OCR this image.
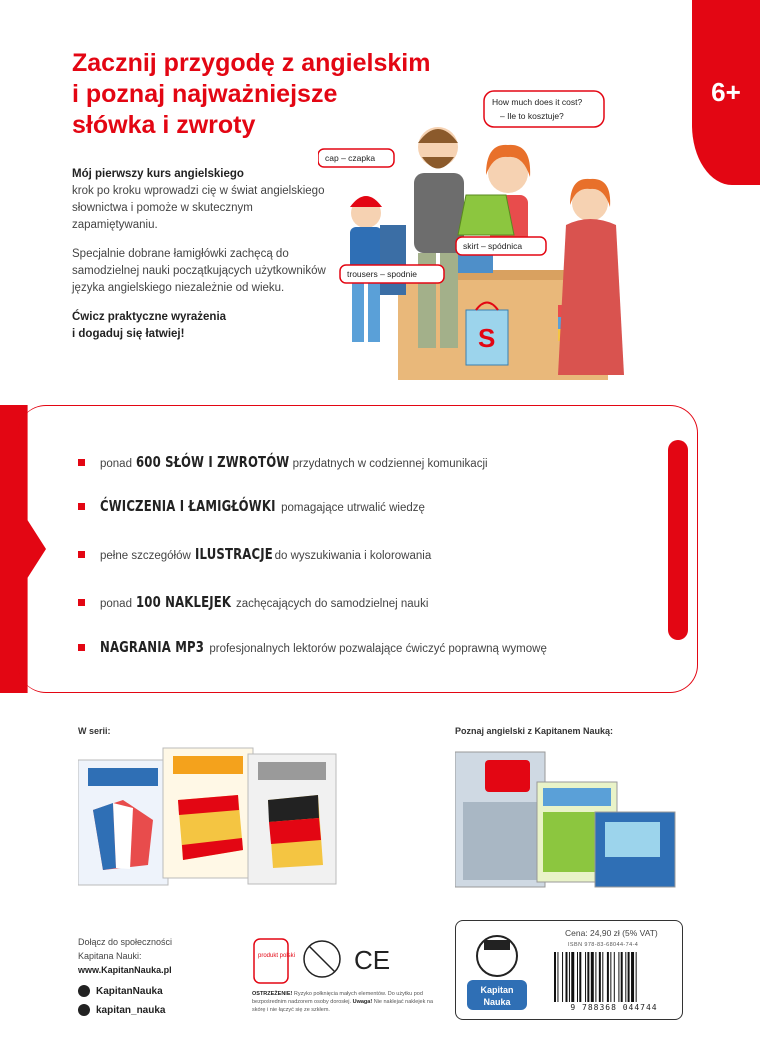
6+
Zacznij przygodę z angielskim
i poznaj najważniejsze
słówka i zwroty

Mój pierwszy kurs angielskiego
krok po kroku wprowadzi cię w świat angielskiego słownictwa i pomoże w skutecznym zapamiętywaniu.

Specjalnie dobrane łamigłówki zachęcą do samodzielnej nauki początkujących użytkowników języka angielskiego niezależnie od wieku.

Ćwicz praktyczne wyrażenia
i dogaduj się łatwiej!	S
How much does it cost?
– Ile to kosztuje?
cap – czapka
skirt – spódnica
trousers – spodnie
ponad 600 SŁÓW I ZWROTÓW przydatnych w codziennej komunikacji
ĆWICZENIA I ŁAMIGŁÓWKI pomagające utrwalić wiedzę
pełne szczegółów ILUSTRACJE do wyszukiwania i kolorowania
ponad 100 NAKLEJEK zachęcających do samodzielnej nauki
NAGRANIA MP3 profesjonalnych lektorów pozwalające ćwiczyć poprawną wymowę
W serii:	Poznaj angielski z Kapitanem Nauką:
Dołącz do społeczności
Kapitana Nauki:
www.KapitanNauka.pl
KapitanNauka
kapitan_nauka
produkt polski CE
OSTRZEŻENIE! Ryzyko połknięcia małych elementów. Do użytku pod bezpośrednim nadzorem osoby dorosłej. Uwaga! Nie naklejać naklejek na skórę i nie łączyć się ze szkłem.
Kapitan
Nauka
Cena: 24,90 zł (5% VAT)
ISBN 978-83-68044-74-4
9 788368 044744
